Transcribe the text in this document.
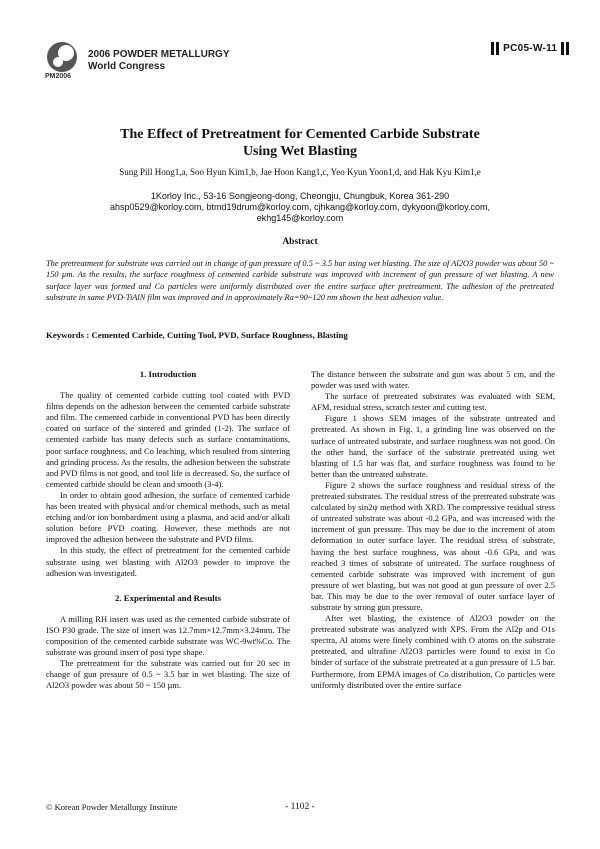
PM2006
2006 POWDER METALLURGY
World Congress
PC05-W-11
The Effect of Pretreatment for Cemented Carbide Substrate
Using Wet Blasting
Sung Pill Hong1,a, Soo Hyun Kim1,b, Jae Hoon Kang1,c, Yeo Kyun Yoon1,d, and Hak Kyu Kim1,e
1Korloy Inc., 53-16 Songjeong-dong, Cheongju, Chungbuk, Korea 361-290
ahsp0529@korloy.com, btmd19drum@korloy.com, cjhkang@korloy.com, dykyoon@korloy.com,
ekhg145@korloy.com
Abstract
The pretreatment for substrate was carried out in change of gun pressure of 0.5 ~ 3.5 bar using wet blasting. The size of Al2O3 powder was about 50 ~ 150 µm. As the results, the surface roughness of cemented carbide substrate was improved with increment of gun pressure of wet blasting. A new surface layer was formed and Co particles were uniformly distributed over the entire surface after pretreatment. The adhesion of the pretreated substrate in same PVD-TiAlN film was improved and in approximately Ra=90~120 nm shown the best adhesion value.
Keywords : Cemented Carbide, Cutting Tool, PVD, Surface Roughness, Blasting

1. Introduction

The quality of cemented carbide cutting tool coated with PVD films depends on the adhesion between the cemented carbide substrate and film. The cemented carbide in conventional PVD has been directly coated on surface of the sintered and grinded (1-2). The surface of cemented carbide has many defects such as surface contaminations, poor surface roughness, and Co leaching, which resulted from sintering and grinding process. As the results, the adhesion between the substrate and PVD films is not good, and tool life is decreased. So, the surface of cemented carbide should be clean and smooth (3-4).

In order to obtain good adhesion, the surface of cemented carbide has been treated with physical and/or chemical methods, such as metal etching and/or ion bombardment using a plasma, and acid and/or alkali solution before PVD coating. However, these methods are not improved the adhesion between the substrate and PVD films.

In this study, the effect of pretreatment for the cemented carbide substrate using wet blasting with Al2O3 powder to improve the adhesion was investigated.

2. Experimental and Results

A milling RH insert was used as the cemented carbide substrate of ISO P30 grade. The size of insert was 12.7mm×12.7mm×3.24mm. The composition of the cemented carbide substrate was WC-9wt%Co. The substrate was ground insert of posi type shape.

The pretreatment for the substrate was carried out for 20 sec in change of gun pressure of 0.5 ~ 3.5 bar in wet blasting. The size of Al2O3 powder was about 50 ~ 150 µm.

The distance between the substrate and gun was about 5 cm, and the powder was used with water.

The surface of pretreated substrates was evaluated with SEM, AFM, residual stress, scratch tester and cutting test.

Figure 1 shows SEM images of the substrate untreated and pretreated. As shown in Fig. 1, a grinding line was observed on the surface of untreated substrate, and surface roughness was not good. On the other hand, the surface of the substrate pretreated using wet blasting of 1.5 bar was flat, and surface roughness was found to be better than the untreated substrate.

Figure 2 shows the surface roughness and residual stress of the pretreated substrates. The residual stress of the pretreated substrate was calculated by sin2ψ method with XRD. The compressive residual stress of untreated substrate was about -0.2 GPa, and was increased with the increment of gun pressure. This may be due to the increment of atom deformation in outer surface layer. The residual stress of substrate, having the best surface roughness, was about -0.6 GPa, and was reached 3 times of substrate of untreated. The surface roughness of cemented carbide substrate was improved with increment of gun pressure of wet blasting, but was not good at gun pressure of over 2.5 bar. This may be due to the over removal of outer surface layer of substrate by strong gun pressure.

After wet blasting, the existence of Al2O3 powder on the pretreated substrate was analyzed with XPS. From the Al2p and O1s spectra, Al atoms were finely combined with O atoms on the substrate pretreated, and ultrafine Al2O3 particles were found to exist in Co binder of surface of the substrate pretreated at a gun pressure of 1.5 bar. Furthermore, from EPMA images of Co distribution, Co particles were uniformly distributed over the entire surface

© Korean Powder Metallurgy Institute	- 1102 -
